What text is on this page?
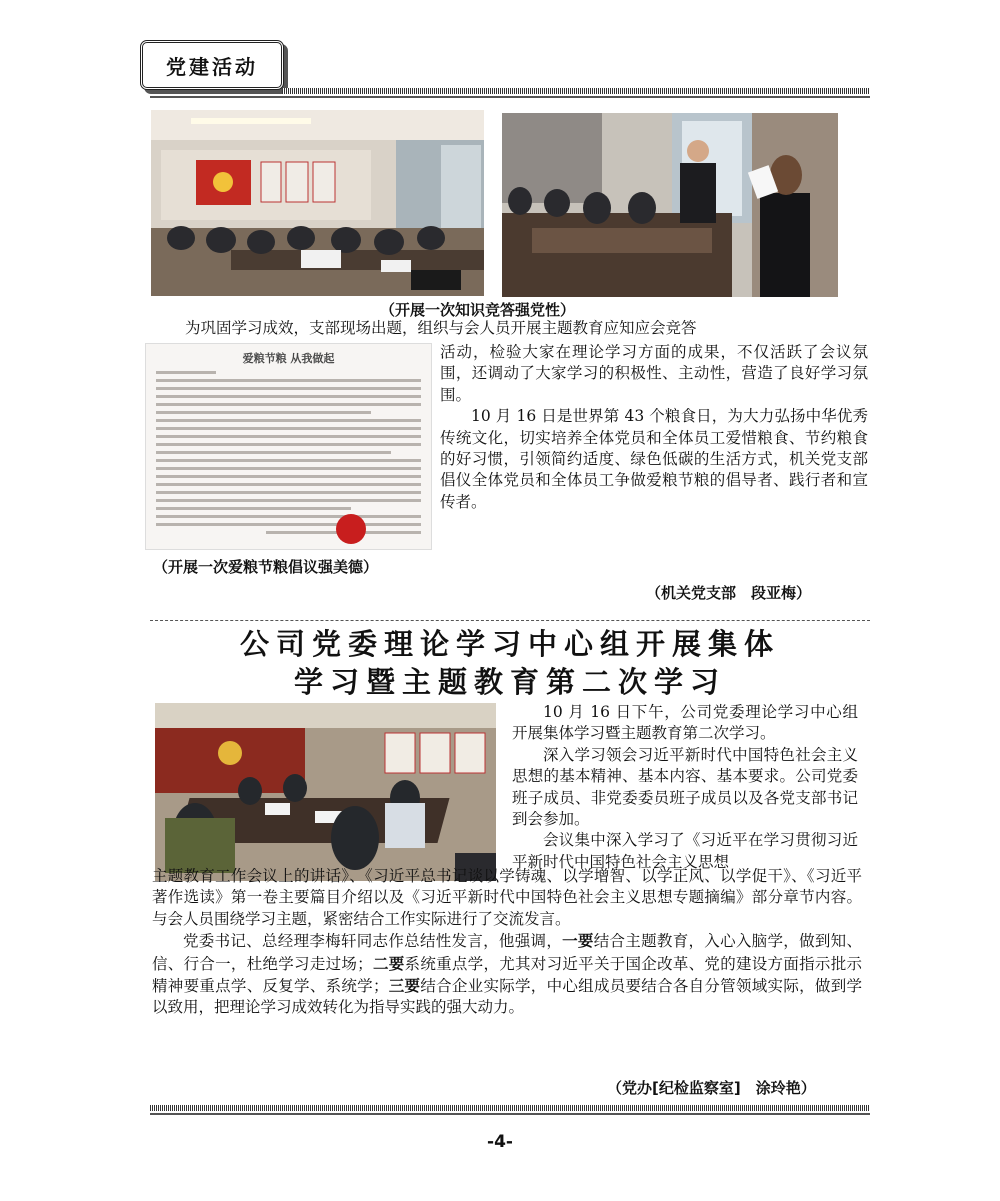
党建活动
（开展一次知识竞答强党性）
为巩固学习成效，支部现场出题，组织与会人员开展主题教育应知应会竞答
爱粮节粮 从我做起	活动，检验大家在理论学习方面的成果，不仅活跃了会议氛围，还调动了大家学习的积极性、主动性，营造了良好学习氛围。

10 月 16 日是世界第 43 个粮食日，为大力弘扬中华优秀传统文化，切实培养全体党员和全体员工爱惜粮食、节约粮食的好习惯，引领简约适度、绿色低碳的生活方式，机关党支部倡仪全体党员和全体员工争做爱粮节粮的倡导者、践行者和宣传者。

（开展一次爱粮节粮倡议强美德）
（机关党支部　段亚梅）
公司党委理论学习中心组开展集体
学习暨主题教育第二次学习

10 月 16 日下午，公司党委理论学习中心组开展集体学习暨主题教育第二次学习。

深入学习领会习近平新时代中国特色社会主义思想的基本精神、基本内容、基本要求。公司党委班子成员、非党委委员班子成员以及各党支部书记到会参加。

会议集中深入学习了《习近平在学习贯彻习近平新时代中国特色社会主义思想

主题教育工作会议上的讲话》、《习近平总书记谈以学铸魂、以学增智、以学正风、以学促干》、《习近平著作选读》第一卷主要篇目介绍以及《习近平新时代中国特色社会主义思想专题摘编》部分章节内容。与会人员围绕学习主题，紧密结合工作实际进行了交流发言。

党委书记、总经理李梅轩同志作总结性发言，他强调，一要结合主题教育，入心入脑学，做到知、信、行合一，杜绝学习走过场；二要系统重点学，尤其对习近平关于国企改革、党的建设方面指示批示精神要重点学、反复学、系统学；三要结合企业实际学，中心组成员要结合各自分管领域实际，做到学以致用，把理论学习成效转化为指导实践的强大动力。

（党办[纪检监察室]　涂玲艳）
-4-
